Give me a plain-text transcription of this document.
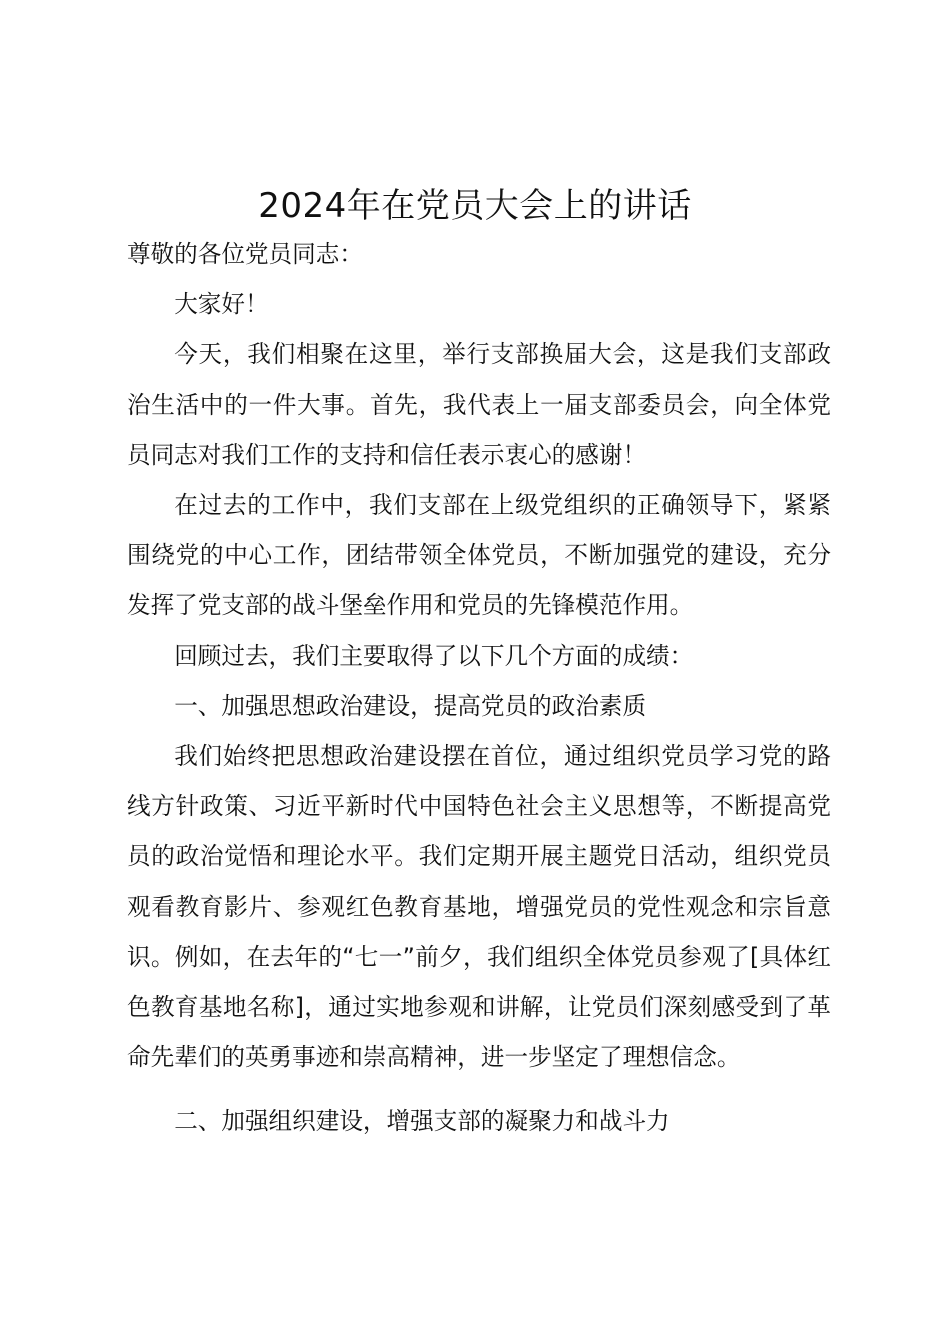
2024年在党员大会上的讲话

尊敬的各位党员同志：

大家好！

今天，我们相聚在这里，举行支部换届大会，这是我们支部政治生活中的一件大事。首先，我代表上一届支部委员会，向全体党员同志对我们工作的支持和信任表示衷心的感谢！

在过去的工作中，我们支部在上级党组织的正确领导下，紧紧围绕党的中心工作，团结带领全体党员，不断加强党的建设，充分发挥了党支部的战斗堡垒作用和党员的先锋模范作用。

回顾过去，我们主要取得了以下几个方面的成绩：

一、加强思想政治建设，提高党员的政治素质

我们始终把思想政治建设摆在首位，通过组织党员学习党的路线方针政策、习近平新时代中国特色社会主义思想等，不断提高党员的政治觉悟和理论水平。我们定期开展主题党日活动，组织党员观看教育影片、参观红色教育基地，增强党员的党性观念和宗旨意识。例如，在去年的“七一”前夕，我们组织全体党员参观了[具体红色教育基地名称]，通过实地参观和讲解，让党员们深刻感受到了革命先辈们的英勇事迹和崇高精神，进一步坚定了理想信念。

二、加强组织建设，增强支部的凝聚力和战斗力
